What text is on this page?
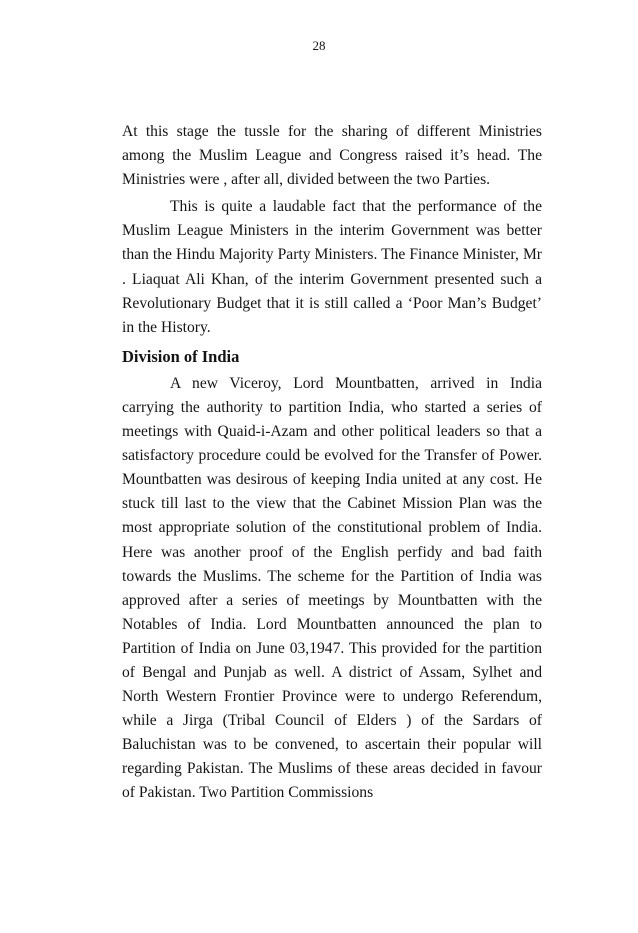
28

At this stage the tussle for the sharing of different Ministries among the Muslim League and Congress raised it’s head. The Ministries were , after all, divided between the two Parties.

This is quite a laudable fact that the performance of the Muslim League Ministers in the interim Government was better than the Hindu Majority Party Ministers. The Finance Minister, Mr . Liaquat Ali Khan, of the interim Government presented such a Revolutionary Budget that it is still called a ‘Poor Man’s Budget’ in the History.

Division of India

A new Viceroy, Lord Mountbatten, arrived in India carrying the authority to partition India, who started a series of meetings with Quaid-i-Azam and other political leaders so that a satisfactory procedure could be evolved for the Transfer of Power. Mountbatten was desirous of keeping India united at any cost. He stuck till last to the view that the Cabinet Mission Plan was the most appropriate solution of the constitutional problem of India. Here was another proof of the English perfidy and bad faith towards the Muslims. The scheme for the Partition of India was approved after a series of meetings by Mountbatten with the Notables of India. Lord Mountbatten announced the plan to Partition of India on June 03,1947. This provided for the partition of Bengal and Punjab as well. A district of Assam, Sylhet and North Western Frontier Province were to undergo Referendum, while a Jirga (Tribal Council of Elders ) of the Sardars of Baluchistan was to be convened, to ascertain their popular will regarding Pakistan. The Muslims of these areas decided in favour of Pakistan. Two Partition Commissions
